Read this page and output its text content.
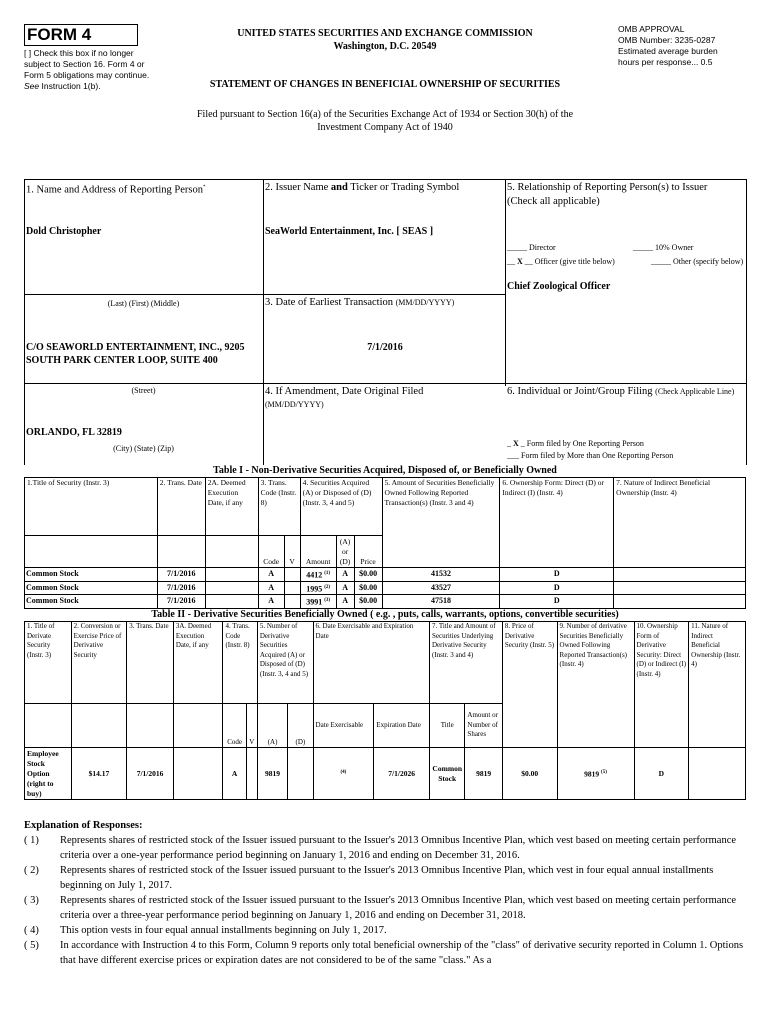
FORM 4
[ ] Check this box if no longer subject to Section 16. Form 4 or Form 5 obligations may continue. See Instruction 1(b).
UNITED STATES SECURITIES AND EXCHANGE COMMISSION
Washington, D.C. 20549
OMB APPROVAL
OMB Number: 3235-0287
Estimated average burden
hours per response... 0.5
STATEMENT OF CHANGES IN BENEFICIAL OWNERSHIP OF SECURITIES
Filed pursuant to Section 16(a) of the Securities Exchange Act of 1934 or Section 30(h) of the
Investment Company Act of 1940
1. Name and Address of Reporting Person*
Dold Christopher
(Last) (First) (Middle)
C/O SEAWORLD ENTERTAINMENT, INC., 9205 SOUTH PARK CENTER LOOP, SUITE 400
(Street)
ORLANDO, FL 32819
(City) (State) (Zip)
2. Issuer Name and Ticker or Trading Symbol
SeaWorld Entertainment, Inc. [ SEAS ]
3. Date of Earliest Transaction (MM/DD/YYYY)
7/1/2016
4. If Amendment, Date Original Filed
(MM/DD/YYYY)
5. Relationship of Reporting Person(s) to Issuer
(Check all applicable)
_____ Director	_____ 10% Owner
__ X __ Officer (give title below)	_____ Other (specify below)
Chief Zoological Officer
6. Individual or Joint/Group Filing (Check Applicable Line)
_ X _ Form filed by One Reporting Person
___ Form filed by More than One Reporting Person
Table I - Non-Derivative Securities Acquired, Disposed of, or Beneficially Owned
1.Title of Security (Instr. 3)	2. Trans. Date	2A. Deemed Execution Date, if any	3. Trans. Code (Instr. 8)		4. Securities Acquired (A) or Disposed of (D) (Instr. 3, 4 and 5)			5. Amount of Securities Beneficially Owned Following Reported Transaction(s) (Instr. 3 and 4)	6. Ownership Form: Direct (D) or Indirect (I) (Instr. 4)	7. Nature of Indirect Beneficial Ownership (Instr. 4)
			Code	V	Amount	(A) or (D)	Price			
Common Stock	7/1/2016		A		4412 $^{(1)}$	A	$0.00	41532	D	
Common Stock	7/1/2016		A		1995 $^{(2)}$	A	$0.00	43527	D	
Common Stock	7/1/2016		A		3991 $^{(3)}$	A	$0.00	47518	D	
Table II - Derivative Securities Beneficially Owned ( e.g. , puts, calls, warrants, options, convertible securities)
1. Title of Derivate Security (Instr. 3)	2. Conversion or Exercise Price of Derivative Security	3. Trans. Date	3A. Deemed Execution Date, if any	4. Trans. Code (Instr. 8)		5. Number of Derivative Securities Acquired (A) or Disposed of (D) (Instr. 3, 4 and 5)		6. Date Exercisable and Expiration Date		7. Title and Amount of Securities Underlying Derivative Security (Instr. 3 and 4)		8. Price of Derivative Security (Instr. 5)	9. Number of derivative Securities Beneficially Owned Following Reported Transaction(s) (Instr. 4)	10. Ownership Form of Derivative Security: Direct (D) or Indirect (I) (Instr. 4)	11. Nature of Indirect Beneficial Ownership (Instr. 4)
				Code	V	(A)	(D)	Date Exercisable	Expiration Date	Title	Amount or Number of Shares				
Employee Stock Option (right to buy)	$14.17	7/1/2016		A		9819		$^{(4)}$	7/1/2026	Common Stock	9819	$0.00	9819 $^{(5)}$	D	
Explanation of Responses:
( 1)	Represents shares of restricted stock of the Issuer issued pursuant to the Issuer's 2013 Omnibus Incentive Plan, which vest based on meeting certain performance criteria over a one-year performance period beginning on January 1, 2016 and ending on December 31, 2016.
( 2)	Represents shares of restricted stock of the Issuer issued pursuant to the Issuer's 2013 Omnibus Incentive Plan, which vest in four equal annual installments beginning on July 1, 2017.
( 3)	Represents shares of restricted stock of the Issuer issued pursuant to the Issuer's 2013 Omnibus Incentive Plan, which vest based on meeting certain performance criteria over a three-year performance period beginning on January 1, 2016 and ending on December 31, 2018.
( 4)	This option vests in four equal annual installments beginning on July 1, 2017.
( 5)	In accordance with Instruction 4 to this Form, Column 9 reports only total beneficial ownership of the "class" of derivative security reported in Column 1. Options that have different exercise prices or expiration dates are not considered to be of the same "class." As a
